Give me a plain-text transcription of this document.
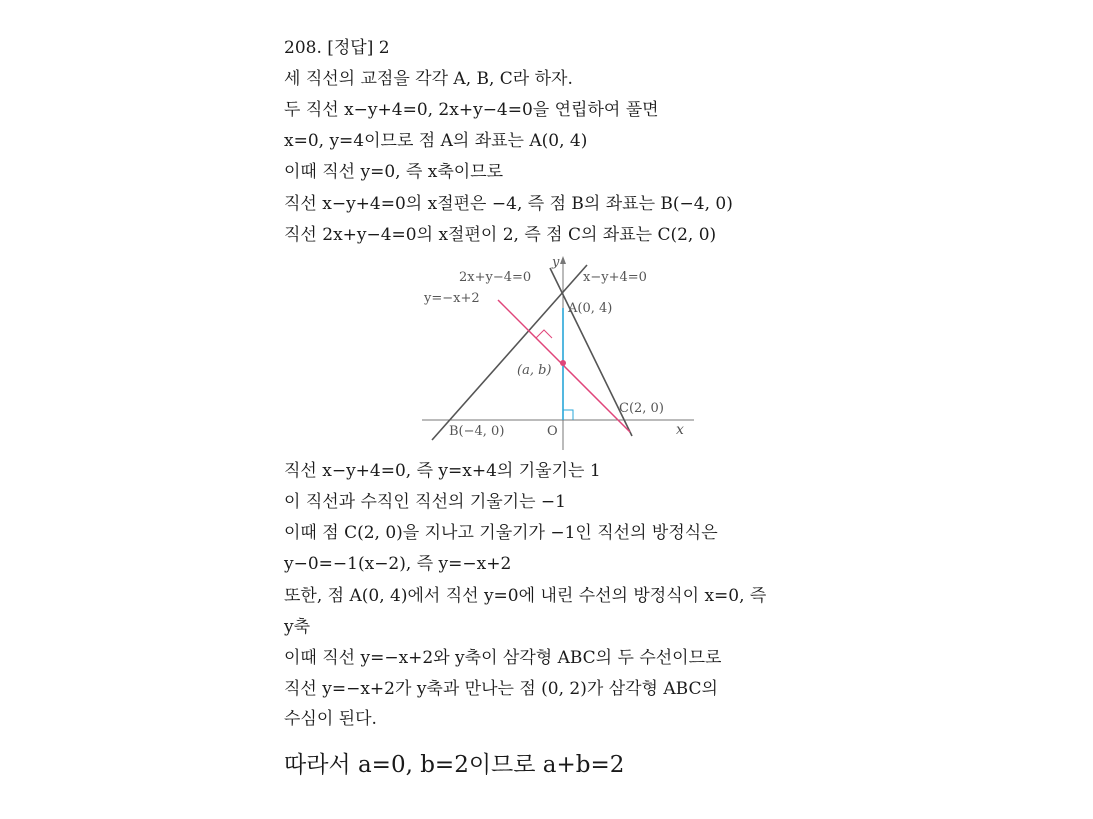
208. [정답] 2
세 직선의 교점을 각각 A, B, C라 하자.
두 직선 x−y+4=0, 2x+y−4=0을 연립하여 풀면
x=0, y=4이므로 점 A의 좌표는 A(0, 4)
이때 직선 y=0, 즉 x축이므로
직선 x−y+4=0의 x절편은 −4, 즉 점 B의 좌표는 B(−4, 0)
직선 2x+y−4=0의 x절편이 2, 즉 점 C의 좌표는 C(2, 0)
2x+y−4=0	x−y+4=0
y=−x+2
A(0, 4)
(a, b)
C(2, 0)
B(−4, 0)	O	x
y
직선 x−y+4=0, 즉 y=x+4의 기울기는 1
이 직선과 수직인 직선의 기울기는 −1
이때 점 C(2, 0)을 지나고 기울기가 −1인 직선의 방정식은
y−0=−1(x−2), 즉 y=−x+2
또한, 점 A(0, 4)에서 직선 y=0에 내린 수선의 방정식이 x=0, 즉
y축
이때 직선 y=−x+2와 y축이 삼각형 ABC의 두 수선이므로
직선 y=−x+2가 y축과 만나는 점 (0, 2)가 삼각형 ABC의
수심이 된다.
따라서 a=0, b=2이므로 a+b=2
